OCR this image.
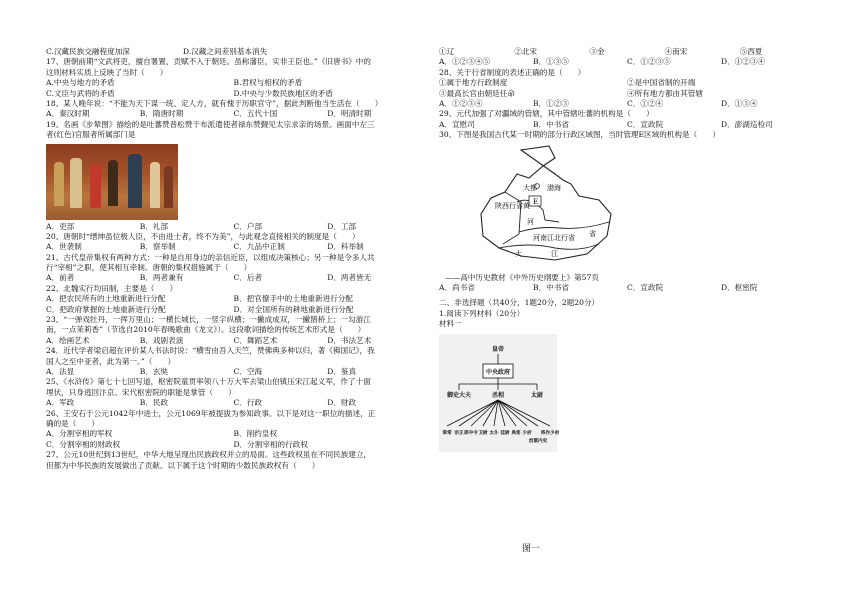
C.汉藏民族交融程度加深　　　　　　　D.汉藏之间差别基本消失
17、唐朝前期“文武将吏，擅自署置，贡赋不入于朝廷。虽称藩臣，实非王臣也。”《旧唐书》中的
这则材料实质上反映了当时（　　）
A.中央与地方的矛盾	B.君权与相权的矛盾
C.文臣与武将的矛盾	D.中央与少数民族地区的矛盾
18、某人晚年说：“不能为天下谋一统、定人方，就有愧于历职官守”，据此判断他当生活在（　　）
A．秦汉时期	B．隋唐时期	C．五代十国	D．明清时期
19、名画《步辇图》描绘的是吐蕃赞普松赞干布派遣使者禄东赞觐见太宗求亲的场景。画面中左三
者(红色)官服者所属部门是
A．吏部	B．礼部	C．户部	D．工部
20、唐朝时“缙绅虽位极人臣，不由进士者，终不为美”，与此观念直接相关的制度是（　　）
A．世袭制	B．察举制	C．九品中正制	D．科举制
21、古代皇帝集权有两种方式：一种是自用身边的亲信近臣，以组成决策核心；另一种是令多人共
行“宰相”之职，使其相互牵制。唐朝的集权措施属于（　　）
A．前者	B．两者兼有	C．后者	D．两者皆无
22、北魏实行均田制，主要是（　　）
A．把农民所有的土地重新进行分配	B．把官僚手中的土地重新进行分配
C．把政府掌握的土地重新进行分配	D．对全国所有的耕地重新进行分配
23、“一弹戏牡丹，一挥万里山；一横长城长，一竖字纵横；一撇成成双，一撇鹊桥上；一勾游江
南，一点茉莉香”（节选自2010年春晚歌曲《龙文》）。这段歌词描绘的传统艺术形式是（　　）
A．绘画艺术	B．戏剧表演	C．舞蹈艺术	D．书法艺术
24．近代学者梁启超在评价某人书法时说：“横雪由吾入天竺，赞佛典多种以归，著《佛国记》，我
国人之至中亚者，此为第一。”（　　）
A．法显	B．玄奘	C．空海	D．鉴真
25、《水浒传》第七十七回写道，枢密院童贯率领八十万大军去梁山伯镇压宋江起义军，作了十面
埋伏，只身逃回汴京。宋代枢密院的职能是掌管（　　）
A．军政	B．民政	C．行政	D．财政
26、王安石于公元1042年中进士，公元1069年被提拔为参知政事。以下是对这一职位的描述，正
确的是（　　）
A．分割宰相的军权	B．削约皇权
C．分割宰相的财政权	D．分割宰相的行政权
27、公元10世纪到13世纪，中华大地呈现出民族政权并立的局面。这些政权虽在不同民族建立，
但都为中华民族的发展做出了贡献。以下属于这个时期的少数民族政权有（　　）
①辽	②北宋	③金	④南宋	⑤西夏
A．①②③④⑤	B．①③⑤	C．①②③⑤	D．①②③④
28、关于行省制度的表述正确的是（　　）
①属于地方行政制度	②是中国省制的开端
③最高长官由朝廷任命	④所有地方都由其管辖
A．①②③④	B．①②③	C．①②④	D．①③④
29、元代加强了对疆域的管辖，其中管辖吐蕃的机构是（　　）
A．宣慰司	B．中书省	C．宣政院	D．澎湖巡检司
30、下图是我国古代某一时期的部分行政区域图，当时管理E区域的机构是（　　）
大都 渤海
E
陕西行省 黄
河
河南江北行省 省
大	江
——高中历史教材《中外历史纲要上》第57页
A．尚书省	B．中书省	C．宣政院	D．枢密院
二、非选择题（共40分，1题20分，2题20分）
1.阅读下列材料（20分）
材料一
皇帝
中央政府
御史大夫	丞相	太尉
奉常 宗正 郎中令 卫尉 太仆 廷尉 典客 少府
治粟内史
将作少府
图一
